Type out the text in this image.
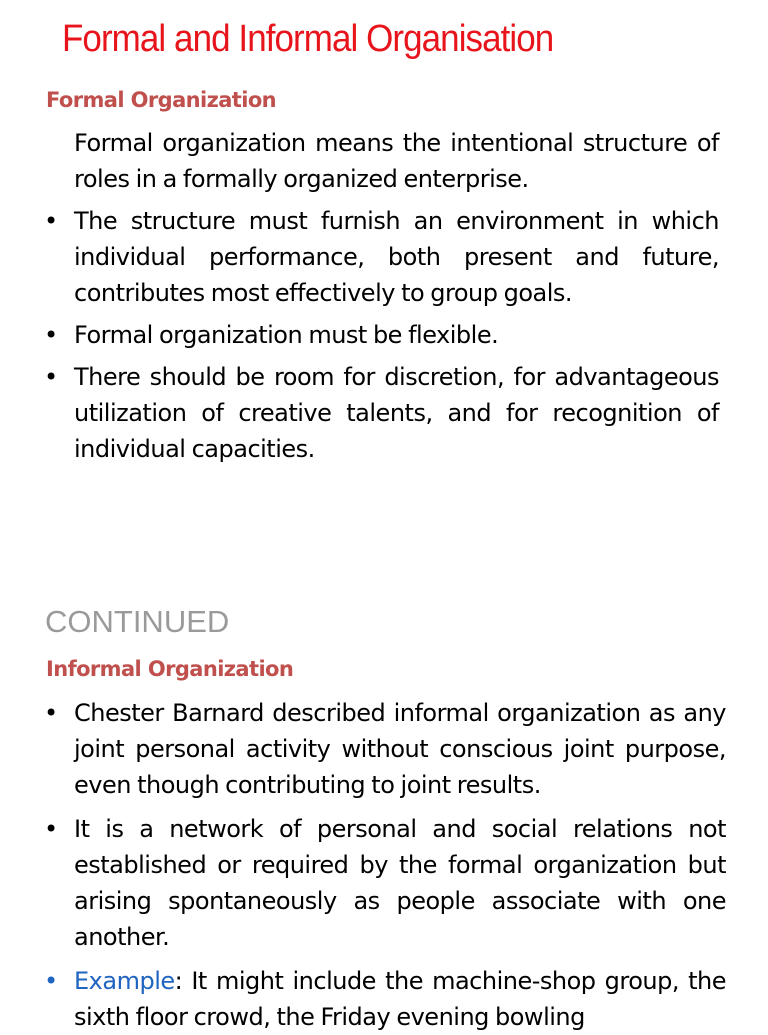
Formal and Informal Organisation
Formal Organization
Formal organization means the intentional structure of roles in a formally organized enterprise.
• The structure must furnish an environment in which individual performance, both present and future, contributes most effectively to group goals.
• Formal organization must be flexible.
• There should be room for discretion, for advantageous utilization of creative talents, and for recognition of individual capacities.
CONTINUED
Informal Organization
• Chester Barnard described informal organization as any joint personal activity without conscious joint purpose, even though contributing to joint results.
• It is a network of personal and social relations not established or required by the formal organization but arising spontaneously as people associate with one another.
• Example: It might include the machine-shop group, the sixth floor crowd, the Friday evening bowling
